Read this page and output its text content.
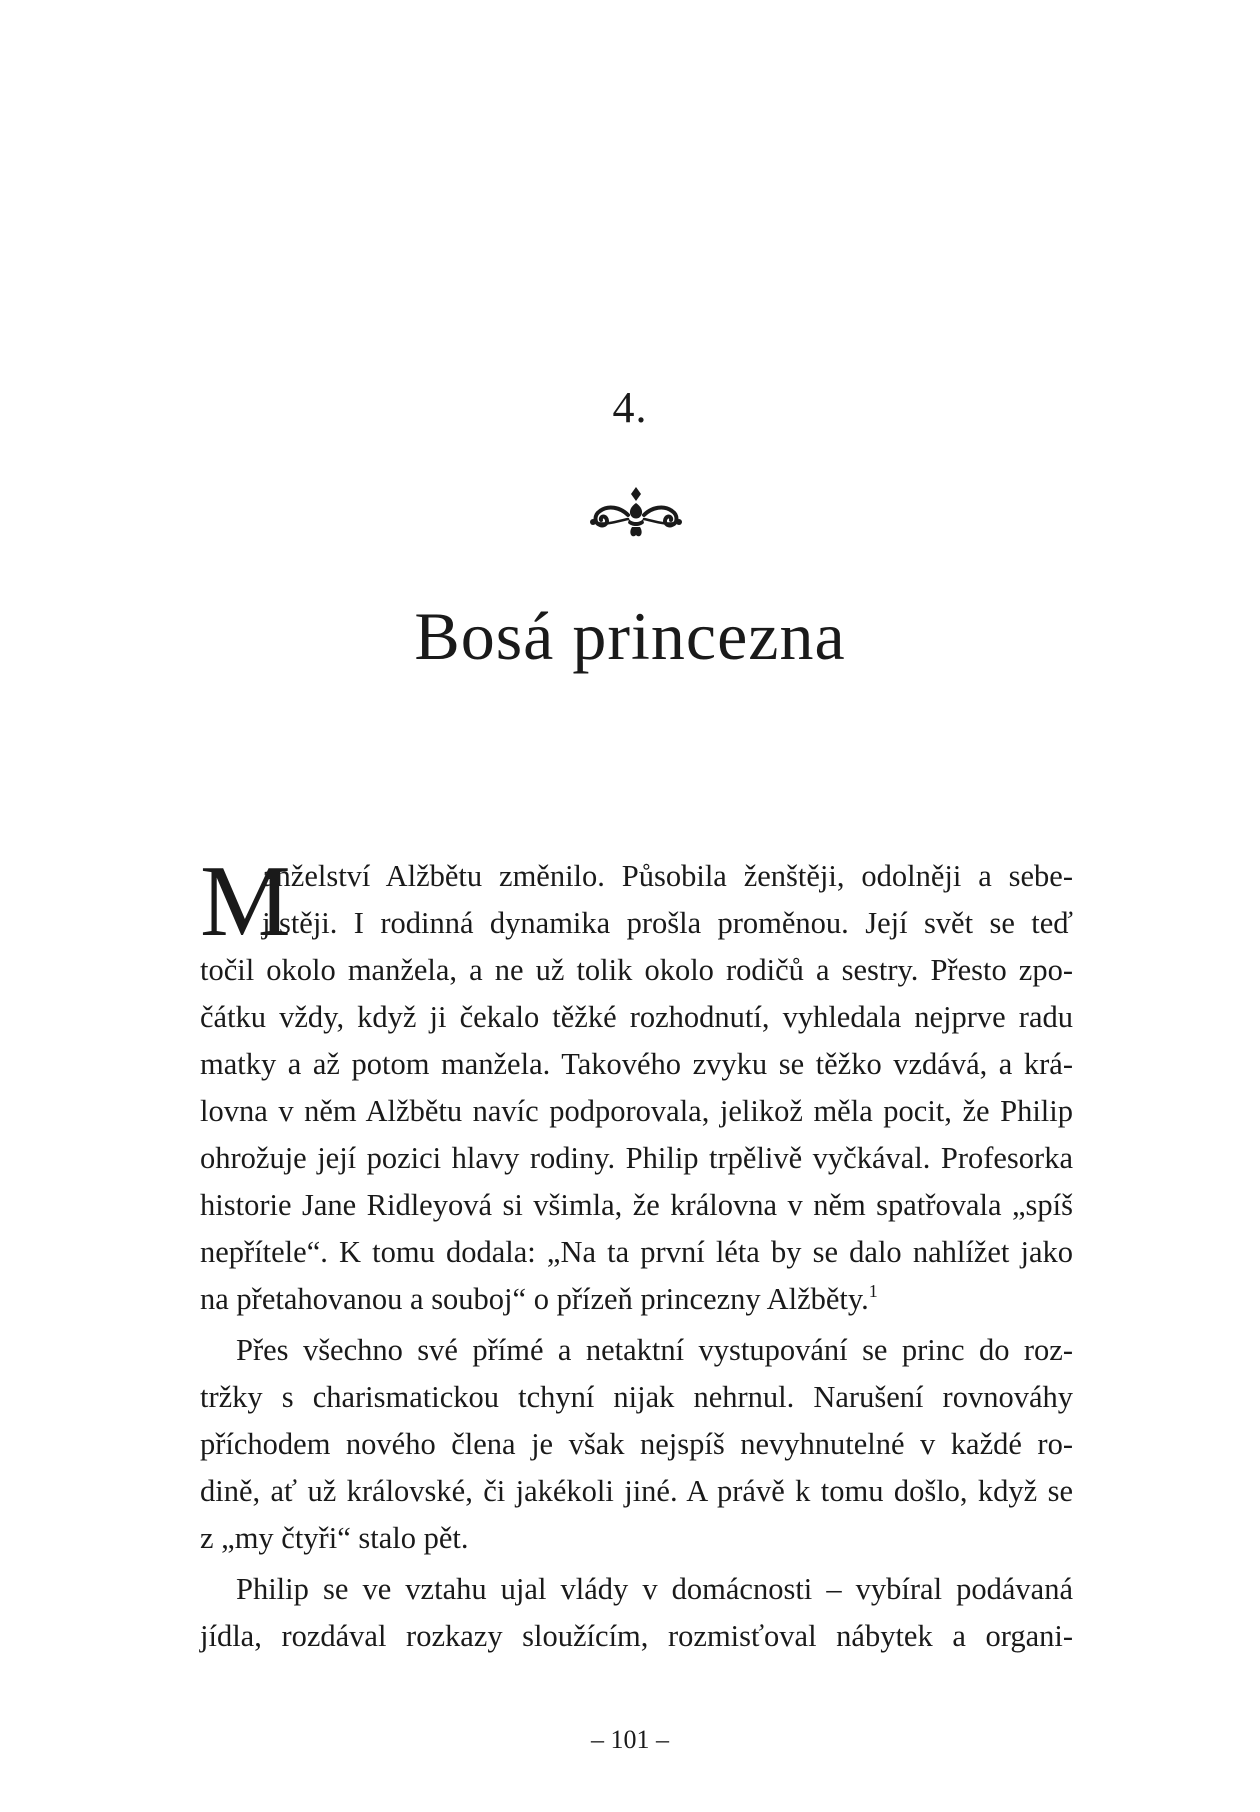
4.
Bosá princezna
M
anželství Alžbětu změnilo. Působila ženštěji, odolněji a sebe-
jistěji. I rodinná dynamika prošla proměnou. Její svět se teď
točil okolo manžela, a ne už tolik okolo rodičů a sestry. Přesto zpo-
čátku vždy, když ji čekalo těžké rozhodnutí, vyhledala nejprve radu
matky a až potom manžela. Takového zvyku se těžko vzdává, a krá-
lovna v něm Alžbětu navíc podporovala, jelikož měla pocit, že Philip
ohrožuje její pozici hlavy rodiny. Philip trpělivě vyčkával. Profesorka
historie Jane Ridleyová si všimla, že královna v něm spatřovala „spíš
nepřítele“. K tomu dodala: „Na ta první léta by se dalo nahlížet jako
na přetahovanou a souboj“ o přízeň princezny Alžběty.$^1$
Přes všechno své přímé a netaktní vystupování se princ do roz-
tržky s charismatickou tchyní nijak nehrnul. Narušení rovnováhy
příchodem nového člena je však nejspíš nevyhnutelné v každé ro-
dině, ať už královské, či jakékoli jiné. A právě k tomu došlo, když se
z „my čtyři“ stalo pět.
Philip se ve vztahu ujal vlády v domácnosti – vybíral podávaná
jídla, rozdával rozkazy sloužícím, rozmisťoval nábytek a organi-
– 101 –
